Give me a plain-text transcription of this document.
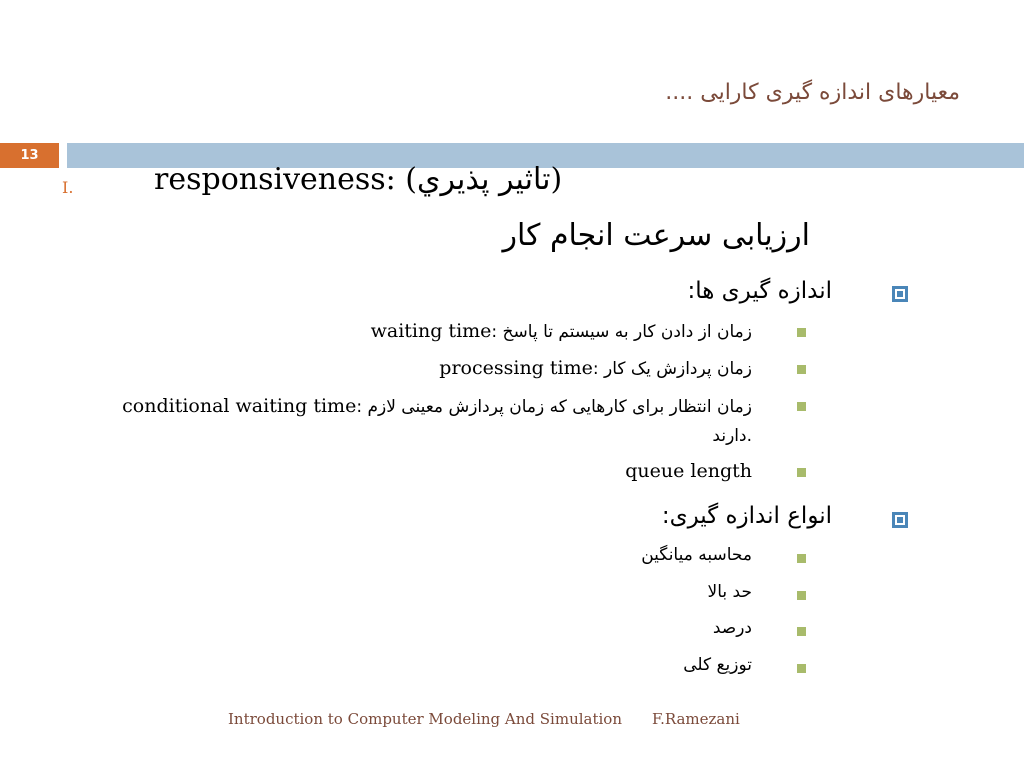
معیارهای اندازه گیری کارایی ....
13
I.	responsiveness: (تاثیر پذیري)
ارزیابی سرعت انجام کار
اندازه گیری ها:
waiting time: زمان از دادن کار به سیستم تا پاسخ
processing time: زمان پردازش یک کار
conditional waiting time: زمان انتظار برای کارهایی که زمان پردازش معینی لازم دارند.
queue length
انواع اندازه گیری:
محاسبه میانگین
حد بالا
درصد
توزیع کلی
Introduction to Computer Modeling And Simulation F.Ramezani
